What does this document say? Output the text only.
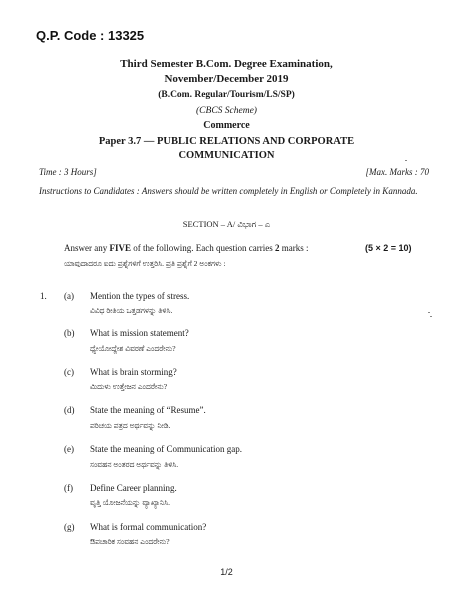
Q.P. Code : 13325
Third Semester B.Com. Degree Examination,
November/December 2019
(B.Com. Regular/Tourism/LS/SP)
(CBCS Scheme)
Commerce
Paper 3.7 — PUBLIC RELATIONS AND CORPORATE
COMMUNICATION
Time : 3 Hours]	[Max. Marks : 70
Instructions to Candidates : Answers should be written completely in English or Completely in Kannada.
SECTION – A/ ವಿಭಾಗ – ಎ
Answer any FIVE of the following. Each question carries 2 marks :	(5 × 2 = 10)
ಯಾವುದಾದರೂ ಐದು ಪ್ರಶ್ನೆಗಳಿಗೆ ಉತ್ತರಿಸಿ. ಪ್ರತಿ ಪ್ರಶ್ನೆಗೆ 2 ಅಂಕಗಳು :
1. (a) Mention the types of stress.
ವಿವಿಧ ರೀತಿಯ ಒತ್ತಡಗಳನ್ನು ತಿಳಿಸಿ.
(b) What is mission statement?
ಧ್ಯೇಯೋದ್ದೇಶ ವಿವರಣೆ ಎಂದರೇನು?
(c) What is brain storming?
ಮಿದುಳು ಉತ್ತೇಜನ ಎಂದರೇನು?
(d) State the meaning of “Resume”.
ಪರಿಚಯ ಪತ್ರದ ಅರ್ಥವನ್ನು ನೀಡಿ.
(e) State the meaning of Communication gap.
ಸಂವಹನ ಅಂತರದ ಅರ್ಥವನ್ನು ತಿಳಿಸಿ.
(f) Define Career planning.
ವೃತ್ತಿ ಯೋಜನೆಯನ್ನು ವ್ಯಾಖ್ಯಾನಿಸಿ.
(g) What is formal communication?
ಔಪಚಾರಿಕ ಸಂವಹನ ಎಂದರೇನು?
1/2
